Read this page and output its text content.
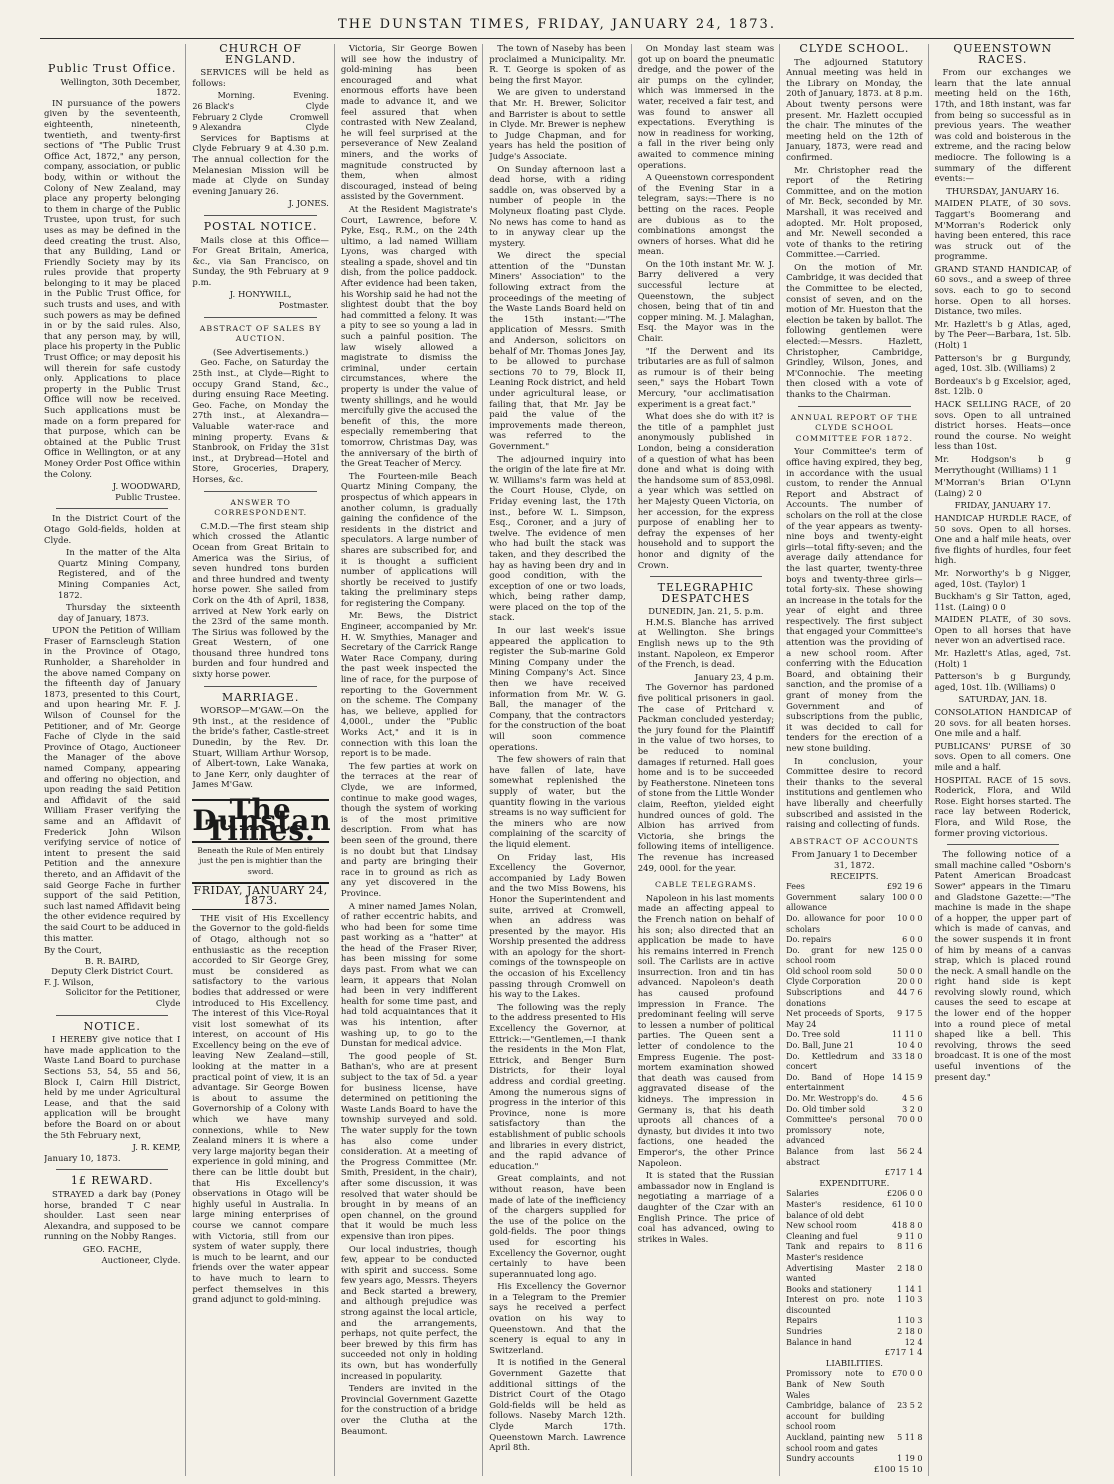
THE DUNSTAN TIMES, FRIDAY, JANUARY 24, 1873.
Public Trust Office.
Wellington, 30th December, 1872.

IN pursuance of the powers given by the seventeenth, eighteenth, nineteenth, twentieth, and twenty-first sections of "The Public Trust Office Act, 1872," any person, company, association, or public body, within or without the Colony of New Zealand, may place any property belonging to them in charge of the Public Trustee, upon trust, for such uses as may be defined in the deed creating the trust. Also, that any Building, Land or Friendly Society may by its rules provide that property belonging to it may be placed in the Public Trust Office, for such trusts and uses, and with such powers as may be defined in or by the said rules. Also, that any person may, by will, place his property in the Public Trust Office; or may deposit his will therein for safe custody only. Applications to place property in the Public Trust Office will now be received. Such applications must be made on a form prepared for that purpose, which can be obtained at the Public Trust Office in Wellington, or at any Money Order Post Office within the Colony.

J. WOODWARD,
Public Trustee.

In the District Court of the Otago Gold-fields, holden at Clyde.

In the matter of the Alta Quartz Mining Company, Registered, and of the Mining Companies Act, 1872.

Thursday the sixteenth day of January, 1873.

UPON the Petition of William Fraser of Earnscleugh Station in the Province of Otago, Runholder, a Shareholder in the above named Company on the fifteenth day of January 1873, presented to this Court, and upon hearing Mr. F. J. Wilson of Counsel for the Petitioner, and of Mr. George Fache of Clyde in the said Province of Otago, Auctioneer the Manager of the above named Company, appearing and offering no objection, and upon reading the said Petition and Affidavit of the said William Fraser verifying the same and an Affidavit of Frederick John Wilson verifying service of notice of intent to present the said Petition and the annexure thereto, and an Affidavit of the said George Fache in further support of the said Petition, such last named Affidavit being the other evidence required by the said Court to be adduced in this matter.

By the Court,
B. R. BAIRD,
Deputy Clerk District Court.
F. J. Wilson,
Solicitor for the Petitioner, Clyde
NOTICE.

I HEREBY give notice that I have made application to the Waste Land Board to purchase Sections 53, 54, 55 and 56, Block I, Cairn Hill District, held by me under Agricultural Lease, and that the said application will be brought before the Board on or about the 5th February next,

J. R. KEMP,
January 10, 1873.
1£ REWARD.

STRAYED a dark bay (Poney horse, branded T C near shoulder. Last seen near Alexandra, and supposed to be running on the Nobby Ranges.

GEO. FACHE,
Auctioneer, Clyde.
CHURCH OF ENGLAND.

SERVICES will be held as follows:

Morning.	Evening.
26 Black's	Clyde
February 2 Clyde	Cromwell
9 Alexandra	Clyde

Services for Baptisms at Clyde February 9 at 4.30 p.m. The annual collection for the Melanesian Mission will be made at Clyde on Sunday evening January 26.

J. JONES.
POSTAL NOTICE.

Mails close at this Office— For Great Britain, America, &c., via San Francisco, on Sunday, the 9th February at 9 p.m.

J. HONYWILL,
Postmaster.
ABSTRACT OF SALES BY AUCTION.
(See Advertisements.)

Geo. Fache, on Saturday the 25th inst., at Clyde—Right to occupy Grand Stand, &c., during ensuing Race Meeting. Geo. Fache, on Monday the 27th inst., at Alexandra—Valuable water-race and mining property. Evans & Stanbrook, on Friday the 31st inst., at Drybread—Hotel and Store, Groceries, Drapery, Horses, &c.

ANSWER TO CORRESPONDENT.

C.M.D.—The first steam ship which crossed the Atlantic Ocean from Great Britain to America was the Sirius, of seven hundred tons burden and three hundred and twenty horse power. She sailed from Cork on the 4th of April, 1838, arrived at New York early on the 23rd of the same month. The Sirius was followed by the Great Western, of one thousand three hundred tons burden and four hundred and sixty horse power.

MARRIAGE.

WORSOP—M'GAW.—On the 9th inst., at the residence of the bride's father, Castle-street Dunedin, by the Rev. Dr. Stuart, William Arthur Worsop, of Albert-town, Lake Wanaka, to Jane Kerr, only daughter of James M'Gaw.

The Dunstan Times.
Beneath the Rule of Men entirely just the pen is mightier than the sword.
FRIDAY, JANUARY 24, 1873.

THE visit of His Excellency the Governor to the gold-fields of Otago, although not so enthusiastic as the reception accorded to Sir George Grey, must be considered as satisfactory to the various bodies that addressed or were introduced to His Excellency. The interest of this Vice-Royal visit lost somewhat of its interest, on account of His Excellency being on the eve of leaving New Zealand—still, looking at the matter in a practical point of view, it is an advantage. Sir George Bowen is about to assume the Governorship of a Colony with which we have many connexions, while to New Zealand miners it is where a very large majority began their experience in gold mining, and there can be little doubt but that His Excellency's observations in Otago will be highly useful in Australia. In large mining enterprises of course we cannot compare with Victoria, still from our system of water supply, there is much to be learnt, and our friends over the water appear to have much to learn to perfect themselves in this grand adjunct to gold-mining.

Victoria, Sir George Bowen will see how the industry of gold-mining has been encouraged and what enormous efforts have been made to advance it, and we feel assured that when contrasted with New Zealand, he will feel surprised at the perseverance of New Zealand miners, and the works of magnitude constructed by them, when almost discouraged, instead of being assisted by the Government.

At the Resident Magistrate's Court, Lawrence, before V. Pyke, Esq., R.M., on the 24th ultimo, a lad named William Lyons, was charged with stealing a spade, shovel and tin dish, from the police paddock. After evidence had been taken, his Worship said he had not the slightest doubt that the boy had committed a felony. It was a pity to see so young a lad in such a painful position. The law wisely allowed a magistrate to dismiss the criminal, under certain circumstances, where the property is under the value of twenty shillings, and he would mercifully give the accused the benefit of this, the more especially remembering that tomorrow, Christmas Day, was the anniversary of the birth of the Great Teacher of Mercy.

The Fourteen-mile Beach Quartz Mining Company, the prospectus of which appears in another column, is gradually gaining the confidence of the residents in the district and speculators. A large number of shares are subscribed for, and it is thought a sufficient number of applications will shortly be received to justify taking the preliminary steps for registering the Company.

Mr. Bews, the District Engineer, accompanied by Mr. H. W. Smythies, Manager and Secretary of the Carrick Range Water Race Company, during the past week inspected the line of race, for the purpose of reporting to the Government on the scheme. The Company has, we believe, applied for 4,000l., under the "Public Works Act," and it is in connection with this loan the report is to be made.

The few parties at work on the terraces at the rear of Clyde, we are informed, continue to make good wages, though the system of working is of the most primitive description. From what has been seen of the ground, there is no doubt but that Lindsay and party are bringing their race in to ground as rich as any yet discovered in the Province.

A miner named James Nolan, of rather eccentric habits, and who had been for some time past working as a "hatter" at the head of the Fraser River, has been missing for some days past. From what we can learn, it appears that Nolan had been in very indifferent health for some time past, and had told acquaintances that it was his intention, after washing up, to go to the Dunstan for medical advice.

The good people of St. Bathan's, who are at present subject to the tax of 5d. a year for business license, have determined on petitioning the Waste Lands Board to have the township surveyed and sold. The water supply for the town has also come under consideration. At a meeting of the Progress Committee (Mr. Smith, President, in the chair), after some discussion, it was resolved that water should be brought in by means of an open channel, on the ground that it would be much less expensive than iron pipes.

Our local industries, though few, appear to be conducted with spirit and success. Some few years ago, Messrs. Theyers and Beck started a brewery, and although prejudice was strong against the local article, and the arrangements, perhaps, not quite perfect, the beer brewed by this firm has succeeded not only in holding its own, but has wonderfully increased in popularity.

Tenders are invited in the Provincial Government Gazette for the construction of a bridge over the Clutha at the Beaumont.

The town of Naseby has been proclaimed a Municipality. Mr. R. T. George is spoken of as being the first Mayor.

We are given to understand that Mr. H. Brewer, Solicitor and Barrister is about to settle in Clyde. Mr. Brewer is nephew to Judge Chapman, and for years has held the position of Judge's Associate.

On Sunday afternoon last a dead horse, with a riding saddle on, was observed by a number of people in the Molyneux floating past Clyde. No news has come to hand as to in anyway clear up the mystery.

We direct the special attention of the "Dunstan Miners' Association" to the following extract from the proceedings of the meeting of the Waste Lands Board held on the 15th instant:—"The application of Messrs. Smith and Anderson, solicitors on behalf of Mr. Thomas Jones Jay, to be allowed to purchase sections 70 to 79, Block II, Leaning Rock district, and held under agricultural lease, or failing that, that Mr. Jay be paid the value of the improvements made thereon, was referred to the Government."

The adjourned inquiry into the origin of the late fire at Mr. W. Williams's farm was held at the Court House, Clyde, on Friday evening last, the 17th inst., before W. L. Simpson, Esq., Coroner, and a jury of twelve. The evidence of men who had built the stack was taken, and they described the hay as having been dry and in good condition, with the exception of one or two loads, which, being rather damp, were placed on the top of the stack.

In our last week's issue appeared the application to register the Sub-marine Gold Mining Company under the Mining Company's Act. Since then we have received information from Mr. W. G. Ball, the manager of the Company, that the contractors for the construction of the boat will soon commence operations.

The few showers of rain that have fallen of late, have somewhat replenished the supply of water, but the quantity flowing in the various streams is no way sufficient for the miners who are now complaining of the scarcity of the liquid element.

On Friday last, His Excellency the Governor, accompanied by Lady Bowen and the two Miss Bowens, his Honor the Superintendent and suite, arrived at Cromwell, when an address was presented by the mayor. His Worship presented the address with an apology for the short-comings of the townspeople on the occasion of his Excellency passing through Cromwell on his way to the Lakes.

The following was the reply to the address presented to His Excellency the Governor, at Ettrick:—"Gentlemen,—I thank the residents in the Mon Flat, Ettrick, and Benger Burn Districts, for their loyal address and cordial greeting. Among the numerous signs of progress in the interior of this Province, none is more satisfactory than the establishment of public schools and libraries in every district, and the rapid advance of education."

Great complaints, and not without reason, have been made of late of the inefficiency of the chargers supplied for the use of the police on the gold-fields. The poor things used for escorting his Excellency the Governor, ought certainly to have been superannuated long ago.

His Excellency the Governor in a Telegram to the Premier says he received a perfect ovation on his way to Queenstown. And that the scenery is equal to any in Switzerland.

It is notified in the General Government Gazette that additional sittings of the District Court of the Otago Gold-fields will be held as follows. Naseby March 12th. Clyde March 17th. Queenstown March. Lawrence April 8th.

On Monday last steam was got up on board the pneumatic dredge, and the power of the air pumps on the cylinder, which was immersed in the water, received a fair test, and was found to answer all expectations. Everything is now in readiness for working, a fall in the river being only awaited to commence mining operations.

A Queenstown correspondent of the Evening Star in a telegram, says:—There is no betting on the races. People are dubious as to the combinations amongst the owners of horses. What did he mean.

On the 10th instant Mr. W. J. Barry delivered a very successful lecture at Queenstown, the subject chosen, being that of tin and copper mining. M. J. Malaghan, Esq. the Mayor was in the Chair.

"If the Derwent and its tributaries are as full of salmon as rumour is of their being seen," says the Hobart Town Mercury, "our acclimatisation experiment is a great fact."

What does she do with it? is the title of a pamphlet just anonymously published in London, being a consideration of a question of what has been done and what is doing with the handsome sum of 853,098l. a year which was settled on her Majesty Queen Victoria, on her accession, for the express purpose of enabling her to defray the expenses of her household and to support the honor and dignity of the Crown.

TELEGRAPHIC DESPATCHES
DUNEDIN, Jan. 21, 5. p.m.

H.M.S. Blanche has arrived at Wellington. She brings English news up to the 9th instant. Napoleon, ex Emperor of the French, is dead.

January 23, 4 p.m.

The Governor has pardoned five political prisoners in gaol. The case of Pritchard v. Packman concluded yesterday; the jury found for the Plaintiff in the value of two horses, to be reduced to nominal damages if returned. Hall goes home and is to be succeeded by Featherstone. Nineteen tons of stone from the Little Wonder claim, Reefton, yielded eight hundred ounces of gold. The Albion has arrived from Victoria, she brings the following items of intelligence. The revenue has increased 249, 000l. for the year.

CABLE TELEGRAMS.

Napoleon in his last moments made an affecting appeal to the French nation on behalf of his son; also directed that an application be made to have his remains interred in French soil. The Carlists are in active insurrection. Iron and tin has advanced. Napoleon's death has caused profound impression in France. The predominant feeling will serve to lessen a number of political parties. The Queen sent a letter of condolence to the Empress Eugenie. The post-mortem examination showed that death was caused from aggravated disease of the kidneys. The impression in Germany is, that his death uproots all chances of a dynasty, but divides it into two factions, one headed the Emperor's, the other Prince Napoleon.

It is stated that the Russian ambassador now in England is negotiating a marriage of a daughter of the Czar with an English Prince. The price of coal has advanced, owing to strikes in Wales.

CLYDE SCHOOL.

The adjourned Statutory Annual meeting was held in the Library on Monday, the 20th of January, 1873. at 8 p.m. About twenty persons were present. Mr. Hazlett occupied the chair. The minutes of the meeting held on the 12th of January, 1873, were read and confirmed.

Mr. Christopher read the report of the Retiring Committee, and on the motion of Mr. Beck, seconded by Mr. Marshall, it was received and adopted. Mr. Holt proposed, and Mr. Newell seconded a vote of thanks to the retiring Committee.—Carried.

On the motion of Mr. Cambridge, it was decided that the Committee to be elected, consist of seven, and on the motion of Mr. Hueston that the election be taken by ballot. The following gentlemen were elected:—Messrs. Hazlett, Christopher, Cambridge, Grindley, Wilson, Jones, and M'Connochie. The meeting then closed with a vote of thanks to the Chairman.

ANNUAL REPORT OF THE CLYDE SCHOOL COMMITTEE FOR 1872.

Your Committee's term of office having expired, they beg, in accordance with the usual custom, to render the Annual Report and Abstract of Accounts. The number of scholars on the roll at the close of the year appears as twenty-nine boys and twenty-eight girls—total fifty-seven; and the average daily attendance for the last quarter, twenty-three boys and twenty-three girls—total forty-six. These showing an increase in the totals for the year of eight and three respectively. The first subject that engaged your Committee's attention was the providing of a new school room. After conferring with the Education Board, and obtaining their sanction, and the promise of a grant of money from the Government and of subscriptions from the public, it was decided to call for tenders for the erection of a new stone building.

In conclusion, your Committee desire to record their thanks to the several institutions and gentlemen who have liberally and cheerfully subscribed and assisted in the raising and collecting of funds.

ABSTRACT OF ACCOUNTS
From January 1 to December 31, 1872.
RECEIPTS.
Fees	£92 19 6
Government salary allowance	100 0 0
Do. allowance for poor scholars	10 0 0
Do. repairs	6 0 0
Do. grant for new school room	125 0 0
Old school room sold	50 0 0
Clyde Corporation	20 0 0
Subscriptions and donations	44 7 6
Net proceeds of Sports, May 24	9 17 5
Do. Tree sold	11 11 0
Do. Ball, June 21	10 4 0
Do. Kettledrum and concert	33 18 0
Do. Band of Hope entertainment	14 15 9
Do. Mr. Westropp's do.	4 5 6
Do. Old timber sold	3 2 0
Committee's personal promissory note, advanced	70 0 0
Balance from last abstract	56 2 4
£717 1 4
EXPENDITURE.
Salaries	£206 0 0
Master's residence, balance of old debt	61 10 0
New school room	418 8 0
Cleaning and fuel	9 11 0
Tank and repairs to Master's residence	8 11 6
Advertising Master wanted	2 18 0
Books and stationery	1 14 1
Interest on pro. note discounted	1 10 3
Repairs	1 10 3
Sundries	2 18 0
Balance in hand	12 4
£717 1 4
LIABILITIES.
Promissory note to Bank of New South Wales	£70 0 0
Cambridge, balance of account for building school room	23 5 2
Auckland, painting new school room and gates	5 11 8
Sundry accounts	1 19 0
£100 15 10
QUEENSTOWN RACES.

From our exchanges we learn that the late annual meeting held on the 16th, 17th, and 18th instant, was far from being so successful as in previous years. The weather was cold and boisterous in the extreme, and the racing below mediocre. The following is a summary of the different events:—

THURSDAY, JANUARY 16.
MAIDEN PLATE, of 30 sovs. Taggart's Boomerang and M'Morran's Roderick only having been entered, this race was struck out of the programme.
GRAND STAND HANDICAP, of 60 sovs., and a sweep of three sovs. each to go to second horse. Open to all horses. Distance, two miles.
Mr. Hazlett's b g Atlas, aged, by The Peer—Barbara, 1st. 5lb. (Holt) 1
Patterson's br g Burgundy, aged, 10st. 3lb. (Williams) 2
Bordeaux's b g Excelsior, aged, 8st. 12lb. 0
HACK SELLING RACE, of 20 sovs. Open to all untrained district horses. Heats—once round the course. No weight less than 10st.
Mr. Hodgson's b g Merrythought (Williams) 1 1
M'Morran's Brian O'Lynn (Laing) 2 0
FRIDAY, JANUARY 17.
HANDICAP HURDLE RACE, of 50 sovs. Open to all horses. One and a half mile heats, over five flights of hurdles, four feet high.
Mr. Norworthy's b g Nigger, aged, 10st. (Taylor) 1
Buckham's g Sir Tatton, aged, 11st. (Laing) 0 0
MAIDEN PLATE, of 30 sovs. Open to all horses that have never won an advertised race.
Mr. Hazlett's Atlas, aged, 7st. (Holt) 1
Patterson's b g Burgundy, aged, 10st. 1lb. (Williams) 0
SATURDAY, JAN. 18.
CONSOLATION HANDICAP of 20 sovs. for all beaten horses. One mile and a half.
PUBLICANS' PURSE of 30 sovs. Open to all comers. One mile and a half.
HOSPITAL RACE of 15 sovs. Roderick, Flora, and Wild Rose. Eight horses started. The race lay between Roderick, Flora, and Wild Rose, the former proving victorious.

The following notice of a small machine called "Osborn's Patent American Broadcast Sower" appears in the Timaru and Gladstone Gazette:—"The machine is made in the shape of a hopper, the upper part of which is made of canvas, and the sower suspends it in front of him by means of a canvas strap, which is placed round the neck. A small handle on the right hand side is kept revolving slowly round, which causes the seed to escape at the lower end of the hopper into a round piece of metal shaped like a bell. This revolving, throws the seed broadcast. It is one of the most useful inventions of the present day."
